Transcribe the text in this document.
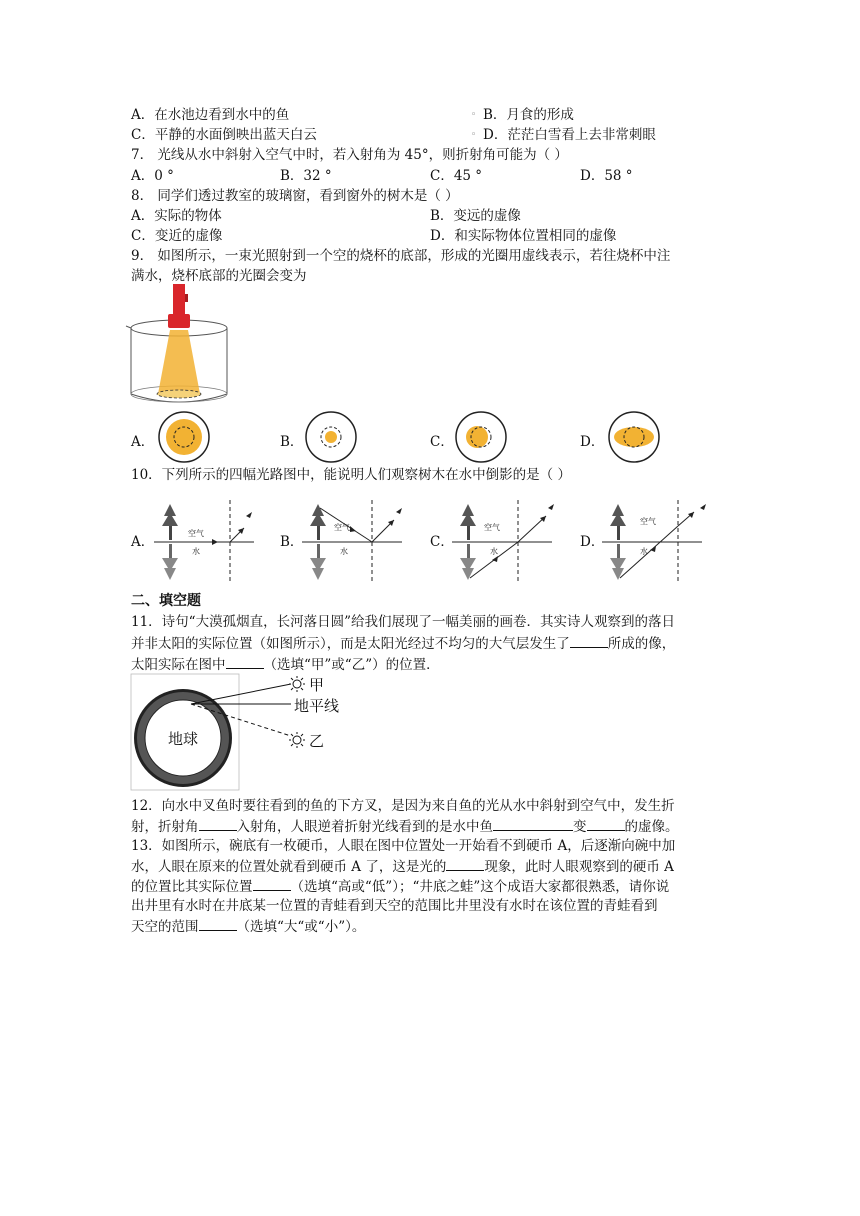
A．在水池边看到水中的鱼	◦ B．月食的形成
C．平静的水面倒映出蓝天白云	◦ D．茫茫白雪看上去非常刺眼
7． 光线从水中斜射入空气中时，若入射角为 45°，则折射角可能为（ ）
A．0 °	B．32 °	C．45 °	D．58 °
8． 同学们透过教室的玻璃窗，看到窗外的树木是（ ）
A．实际的物体	B．变远的虚像
C．变近的虚像	D．和实际物体位置相同的虚像
9． 如图所示，一束光照射到一个空的烧杯的底部，形成的光圈用虚线表示，若往烧杯中注
满水，烧杯底部的光圈会变为
A．	B．	C．	D．
10．下列所示的四幅光路图中，能说明人们观察树木在水中倒影的是（ ）
A．
空气
水
B．
空气
水
C．
空气
水
D．
空气
水
二、填空题
11．诗句“大漠孤烟直，长河落日圆”给我们展现了一幅美丽的画卷．其实诗人观察到的落日
并非太阳的实际位置（如图所示），而是太阳光经过不均匀的大气层发生了	所成的像，
太阳实际在图中	（选填“甲”或“乙”）的位置．
地球
甲
地平线
乙
12．向水中叉鱼时要往看到的鱼的下方叉，是因为来自鱼的光从水中斜射到空气中，发生折
射，折射角	入射角，人眼逆着折射光线看到的是水中鱼	变	的虚像。
13．如图所示，碗底有一枚硬币，人眼在图中位置处一开始看不到硬币 A，后逐渐向碗中加
水，人眼在原来的位置处就看到硬币 A 了，这是光的	现象，此时人眼观察到的硬币 A
的位置比其实际位置	（选填“高或“低”）；“井底之蛙”这个成语大家都很熟悉，请你说
出井里有水时在井底某一位置的青蛙看到天空的范围比井里没有水时在该位置的青蛙看到
天空的范围	（选填“大“或“小”）。
